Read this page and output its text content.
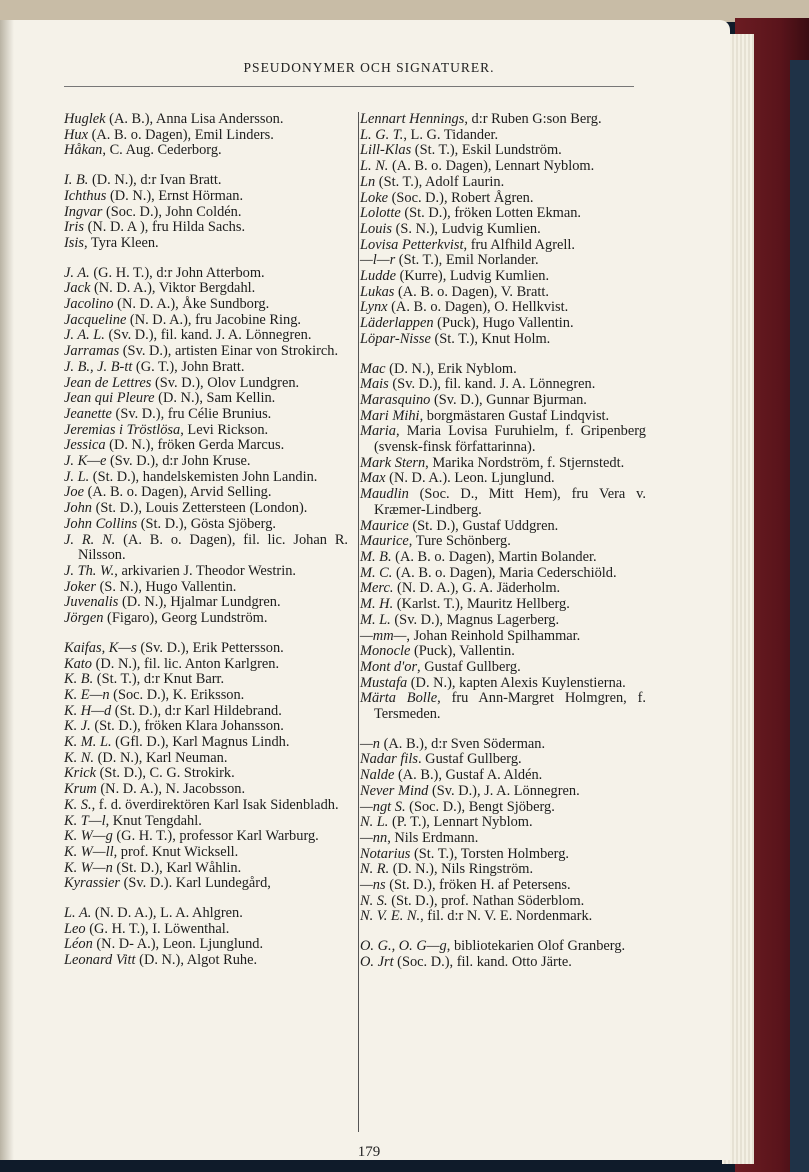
PSEUDONYMER OCH SIGNATURER.
Huglek (A. B.), Anna Lisa Andersson.
Hux (A. B. o. Dagen), Emil Linders.
Håkan, C. Aug. Cederborg.
I. B. (D. N.), d:r Ivan Bratt.
Ichthus (D. N.), Ernst Hörman.
Ingvar (Soc. D.), John Coldén.
Iris (N. D. A ), fru Hilda Sachs.
Isis, Tyra Kleen.
J. A. (G. H. T.), d:r John Atterbom.
Jack (N. D. A.), Viktor Bergdahl.
Jacolino (N. D. A.), Åke Sundborg.
Jacqueline (N. D. A.), fru Jacobine Ring.
J. A. L. (Sv. D.), fil. kand. J. A. Lönnegren.
Jarramas (Sv. D.), artisten Einar von Strokirch.
J. B., J. B-tt (G. T.), John Bratt.
Jean de Lettres (Sv. D.), Olov Lundgren.
Jean qui Pleure (D. N.), Sam Kellin.
Jeanette (Sv. D.), fru Célie Brunius.
Jeremias i Tröstlösa, Levi Rickson.
Jessica (D. N.), fröken Gerda Marcus.
J. K—e (Sv. D.), d:r John Kruse.
J. L. (St. D.), handelskemisten John Landin.
Joe (A. B. o. Dagen), Arvid Selling.
John (St. D.), Louis Zettersteen (London).
John Collins (St. D.), Gösta Sjöberg.
J. R. N. (A. B. o. Dagen), fil. lic. Johan R. Nilsson.
J. Th. W., arkivarien J. Theodor Westrin.
Joker (S. N.), Hugo Vallentin.
Juvenalis (D. N.), Hjalmar Lundgren.
Jörgen (Figaro), Georg Lundström.
Kaifas, K—s (Sv. D.), Erik Pettersson.
Kato (D. N.), fil. lic. Anton Karlgren.
K. B. (St. T.), d:r Knut Barr.
K. E—n (Soc. D.), K. Eriksson.
K. H—d (St. D.), d:r Karl Hildebrand.
K. J. (St. D.), fröken Klara Johansson.
K. M. L. (Gfl. D.), Karl Magnus Lindh.
K. N. (D. N.), Karl Neuman.
Krick (St. D.), C. G. Strokirk.
Krum (N. D. A.), N. Jacobsson.
K. S., f. d. överdirektören Karl Isak Sidenbladh.
K. T—l, Knut Tengdahl.
K. W—g (G. H. T.), professor Karl Warburg.
K. W—ll, prof. Knut Wicksell.
K. W—n (St. D.), Karl Wåhlin.
Kyrassier (Sv. D.). Karl Lundegård,
L. A. (N. D. A.), L. A. Ahlgren.
Leo (G. H. T.), I. Löwenthal.
Léon (N. D- A.), Leon. Ljunglund.
Leonard Vitt (D. N.), Algot Ruhe.
Lennart Hennings, d:r Ruben G:son Berg.
L. G. T., L. G. Tidander.
Lill-Klas (St. T.), Eskil Lundström.
L. N. (A. B. o. Dagen), Lennart Nyblom.
Ln (St. T.), Adolf Laurin.
Loke (Soc. D.), Robert Ågren.
Lolotte (St. D.), fröken Lotten Ekman.
Louis (S. N.), Ludvig Kumlien.
Lovisa Petterkvist, fru Alfhild Agrell.
—l—r (St. T.), Emil Norlander.
Ludde (Kurre), Ludvig Kumlien.
Lukas (A. B. o. Dagen), V. Bratt.
Lynx (A. B. o. Dagen), O. Hellkvist.
Läderlappen (Puck), Hugo Vallentin.
Löpar-Nisse (St. T.), Knut Holm.
Mac (D. N.), Erik Nyblom.
Mais (Sv. D.), fil. kand. J. A. Lönnegren.
Marasquino (Sv. D.), Gunnar Bjurman.
Mari Mihi, borgmästaren Gustaf Lindqvist.
Maria, Maria Lovisa Furuhielm, f. Gripenberg (svensk-finsk författarinna).
Mark Stern, Marika Nordström, f. Stjernstedt.
Max (N. D. A.). Leon. Ljunglund.
Maudlin (Soc. D., Mitt Hem), fru Vera v. Kræmer-Lindberg.
Maurice (St. D.), Gustaf Uddgren.
Maurice, Ture Schönberg.
M. B. (A. B. o. Dagen), Martin Bolander.
M. C. (A. B. o. Dagen), Maria Cederschiöld.
Merc. (N. D. A.), G. A. Jäderholm.
M. H. (Karlst. T.), Mauritz Hellberg.
M. L. (Sv. D.), Magnus Lagerberg.
—mm—, Johan Reinhold Spilhammar.
Monocle (Puck), Vallentin.
Mont d'or, Gustaf Gullberg.
Mustafa (D. N.), kapten Alexis Kuylenstierna.
Märta Bolle, fru Ann-Margret Holmgren, f. Tersmeden.
—n (A. B.), d:r Sven Söderman.
Nadar fils. Gustaf Gullberg.
Nalde (A. B.), Gustaf A. Aldén.
Never Mind (Sv. D.), J. A. Lönnegren.
—ngt S. (Soc. D.), Bengt Sjöberg.
N. L. (P. T.), Lennart Nyblom.
—nn, Nils Erdmann.
Notarius (St. T.), Torsten Holmberg.
N. R. (D. N.), Nils Ringström.
—ns (St. D.), fröken H. af Petersens.
N. S. (St. D.), prof. Nathan Söderblom.
N. V. E. N., fil. d:r N. V. E. Nordenmark.
O. G., O. G—g, bibliotekarien Olof Granberg.
O. Jrt (Soc. D.), fil. kand. Otto Järte.
179
